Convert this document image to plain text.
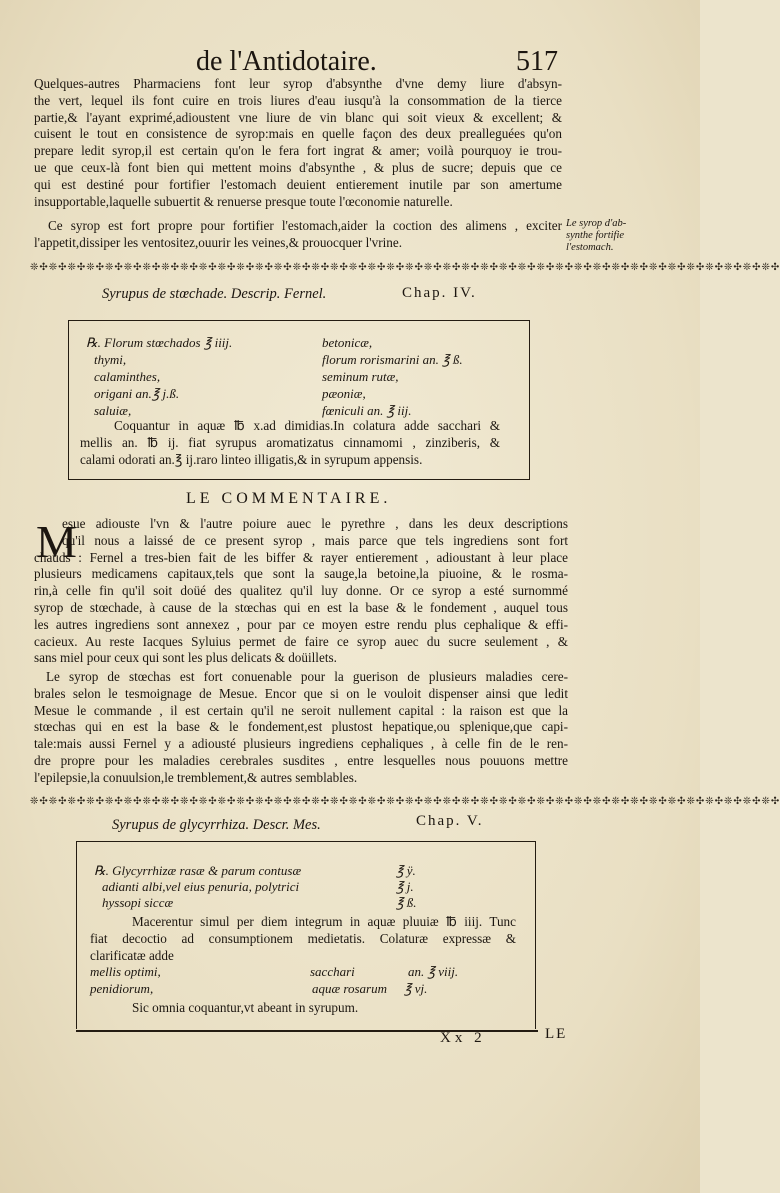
de l'Antidotaire.	517
Quelques-autres Pharmaciens font leur syrop d'absynthe d'vne demy liure d'absyn-
the vert, lequel ils font cuire en trois liures d'eau iusqu'à la consommation de la tierce
partie,& l'ayant exprimé,adioustent vne liure de vin blanc qui soit vieux & excellent; &
cuisent le tout en consistence de syrop:mais en quelle façon des deux prealleguées qu'on
prepare ledit syrop,il est certain qu'on le fera fort ingrat & amer; voilà pourquoy ie trou-
ue que ceux-là font bien qui mettent moins d'absynthe , & plus de sucre; depuis que ce
qui est destiné pour fortifier l'estomach deuient entierement inutile par son amertume
insupportable,laquelle subuertit & renuerse presque toute l'œconomie naturelle.
Ce syrop est fort propre pour fortifier l'estomach,aider la coction des alimens , exciter
l'appetit,dissiper les ventositez,ouurir les veines,& prouocquer l'vrine.
Le syrop d'ab-
synthe fortifie
l'estomach.
❊✣❊✣❊✣❊✣❊✣❊✣❊✣❊✣❊✣❊✣❊✣❊✣❊✣❊✣❊✣❊✣❊✣❊✣❊✣❊✣❊✣❊✣❊✣❊✣❊✣❊✣❊✣❊✣❊✣❊✣❊✣❊✣❊✣❊✣❊✣❊✣❊✣❊✣❊✣❊✣
Syrupus de stœchade. Descrip. Fernel.	Chap. IV.
℞. Florum stœchados ℥ iiij.	betonicæ,
thymi,	florum rorismarini an. ℥ ß.
calaminthes,	seminum rutæ,
origani an.℥ j.ß.	pæoniæ,
saluiæ,	fœniculi an. ℥ iij.
Coquantur in aquæ ℔ x.ad dimidias.In colatura adde sacchari &
mellis an. ℔ ij. fiat syrupus aromatizatus cinnamomi , zinziberis, &
calami odorati an.℥ ij.raro linteo illigatis,& in syrupum appensis.
LE COMMENTAIRE.
M
esue adiouste l'vn & l'autre poiure auec le pyrethre , dans les deux descriptions
qu'il nous a laissé de ce present syrop , mais parce que tels ingrediens sont fort
chauds : Fernel a tres-bien fait de les biffer & rayer entierement , adioustant à leur place
plusieurs medicamens capitaux,tels que sont la sauge,la betoine,la piuoine, & le rosma-
rin,à celle fin qu'il soit doüé des qualitez qu'il luy donne. Or ce syrop a esté surnommé
syrop de stœchade, à cause de la stœchas qui en est la base & le fondement , auquel tous
les autres ingrediens sont annexez , pour par ce moyen estre rendu plus cephalique & effi-
cacieux. Au reste Iacques Syluius permet de faire ce syrop auec du sucre seulement , &
sans miel pour ceux qui sont les plus delicats & doüillets.
Le syrop de stœchas est fort conuenable pour la guerison de plusieurs maladies cere-
brales selon le tesmoignage de Mesue. Encor que si on le vouloit dispenser ainsi que ledit
Mesue le commande , il est certain qu'il ne seroit nullement capital : la raison est que la
stœchas qui en est la base & le fondement,est plustost hepatique,ou splenique,que capi-
tale:mais aussi Fernel y a adiousté plusieurs ingrediens cephaliques , à celle fin de le ren-
dre propre pour les maladies cerebrales susdites , entre lesquelles nous pouuons mettre
l'epilepsie,la conuulsion,le tremblement,& autres semblables.
❊✣❊✣❊✣❊✣❊✣❊✣❊✣❊✣❊✣❊✣❊✣❊✣❊✣❊✣❊✣❊✣❊✣❊✣❊✣❊✣❊✣❊✣❊✣❊✣❊✣❊✣❊✣❊✣❊✣❊✣❊✣❊✣❊✣❊✣❊✣❊✣❊✣❊✣❊✣❊✣
Syrupus de glycyrrhiza. Descr. Mes.	Chap. V.
℞. Glycyrrhizæ rasæ & parum contusæ	℥ ÿ.
adianti albi,vel eius penuria, polytrici	℥ j.
hyssopi siccæ	℥ ß.
Macerentur simul per diem integrum in aquæ pluuiæ ℔ iiij. Tunc
fiat decoctio ad consumptionem medietatis. Colaturæ expressæ &
clarificatæ adde
mellis optimi,	sacchari	an. ℥ viij.
penidiorum,	aquæ rosarum ℥ vj.
Sic omnia coquantur,vt abeant in syrupum.
Xx 2	LE
